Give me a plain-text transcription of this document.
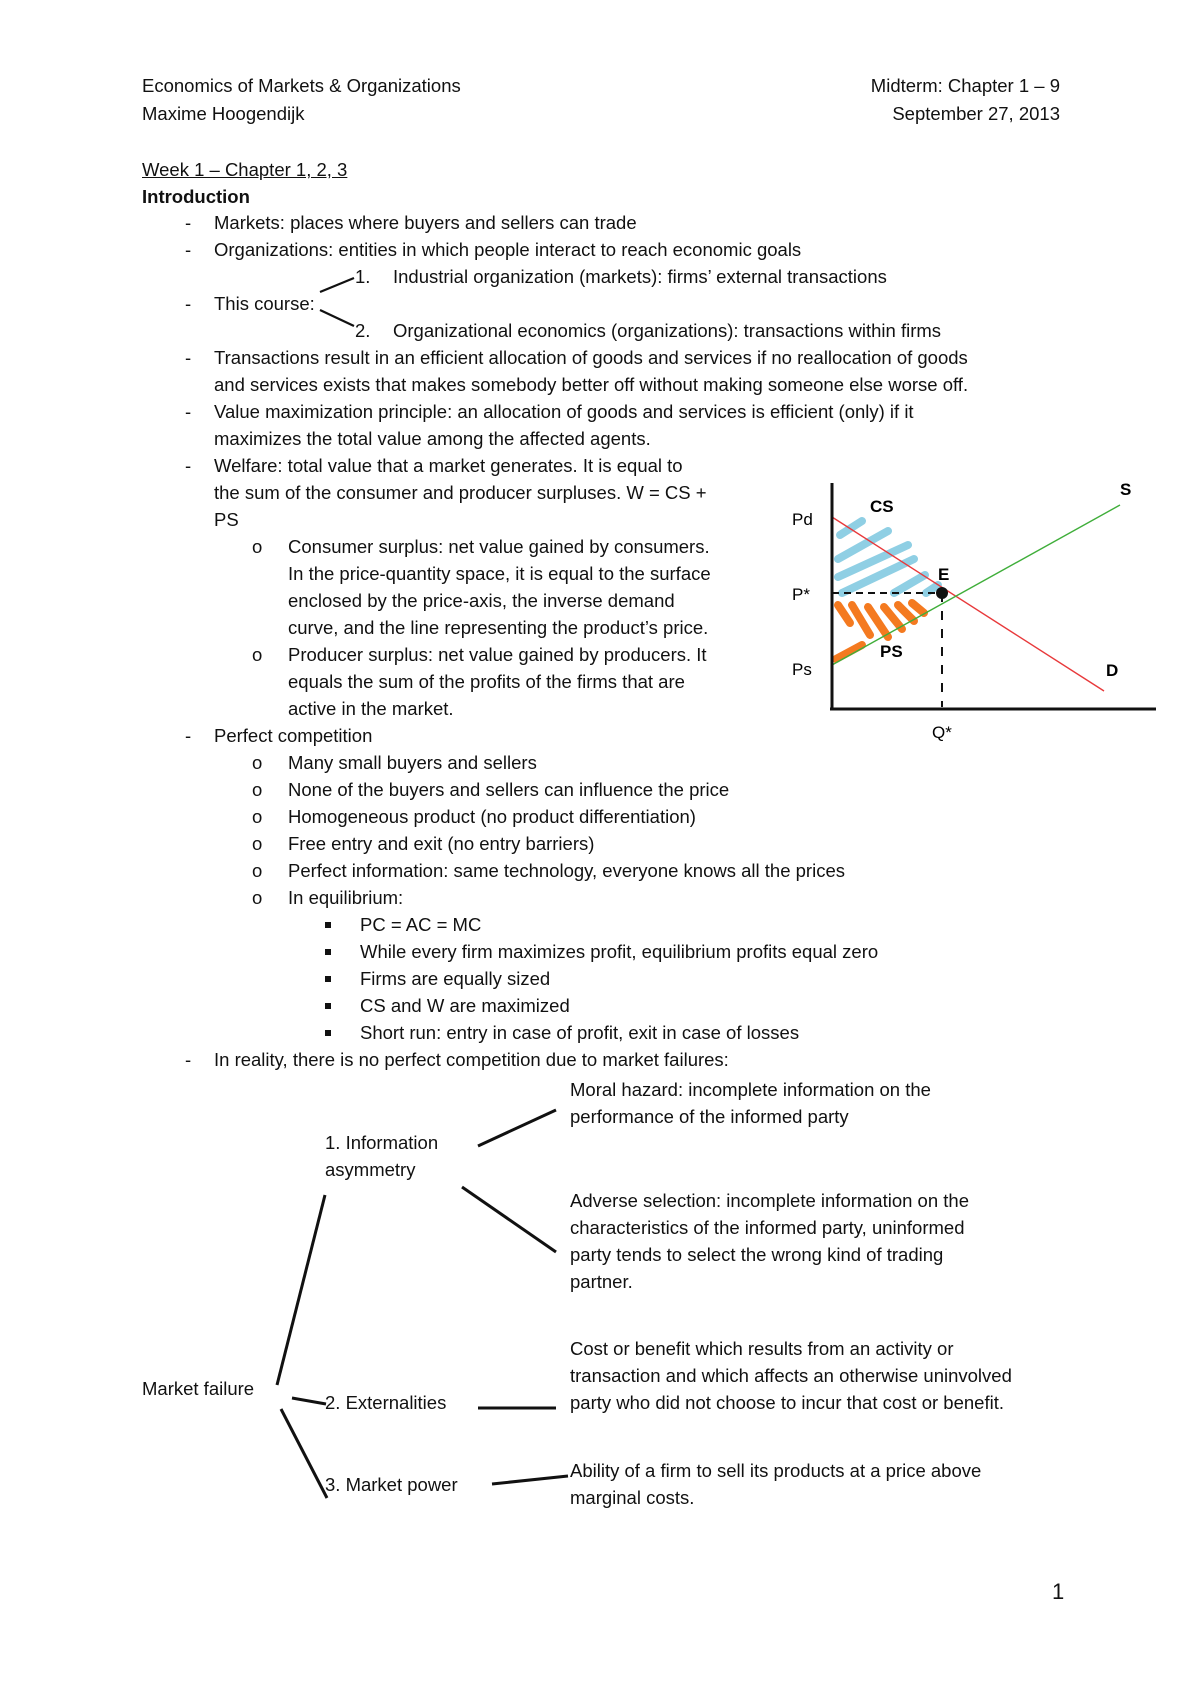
Economics of Markets & Organizations
Maxime Hoogendijk
Midterm: Chapter 1 – 9
September 27, 2013
Week 1 – Chapter 1, 2, 3
Introduction
- Markets: places where buyers and sellers can trade
- Organizations: entities in which people interact to reach economic goals
1. Industrial organization (markets): firms’ external transactions
- This course:
2. Organizational economics (organizations): transactions within firms
- Transactions result in an efficient allocation of goods and services if no reallocation of goods
and services exists that makes somebody better off without making someone else worse off.
- Value maximization principle: an allocation of goods and services is efficient (only) if it
maximizes the total value among the affected agents.
- Welfare: total value that a market generates. It is equal to
the sum of the consumer and producer surpluses. W = CS +
PS
o Consumer surplus: net value gained by consumers.
In the price-quantity space, it is equal to the surface
enclosed by the price-axis, the inverse demand
curve, and the line representing the product’s price.
o Producer surplus: net value gained by producers. It
equals the sum of the profits of the firms that are
active in the market.
- Perfect competition
o Many small buyers and sellers
o None of the buyers and sellers can influence the price
o Homogeneous product (no product differentiation)
o Free entry and exit (no entry barriers)
o Perfect information: same technology, everyone knows all the prices
o In equilibrium:
PC = AC = MC
While every firm maximizes profit, equilibrium profits equal zero
Firms are equally sized
CS and W are maximized
Short run: entry in case of profit, exit in case of losses
- In reality, there is no perfect competition due to market failures:
Pd
P*
Ps
CS
PS
E
S
D
Q*
Market failure
1. Information
asymmetry
Moral hazard: incomplete information on the
performance of the informed party
Adverse selection: incomplete information on the
characteristics of the informed party, uninformed
party tends to select the wrong kind of trading
partner.
2. Externalities
Cost or benefit which results from an activity or
transaction and which affects an otherwise uninvolved
party who did not choose to incur that cost or benefit.
3. Market power
Ability of a firm to sell its products at a price above
marginal costs.
1
